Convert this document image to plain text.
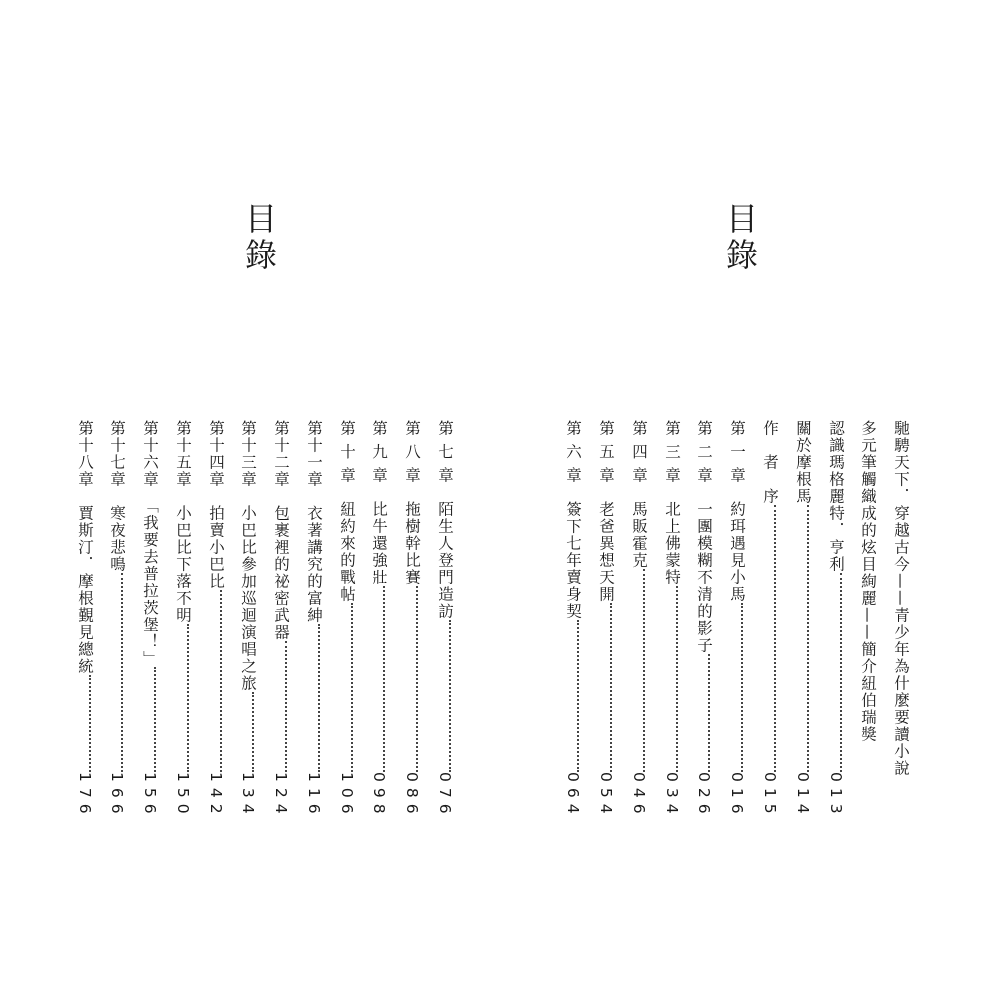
目錄
第 七 章　陌生人登門造訪
076
第 八 章　拖樹幹比賽
086
第 九 章　比牛還強壯
098
第 十 章　紐約來的戰帖
106
第十一章　衣著講究的富紳
116
第十二章　包裹裡的祕密武器
124
第十三章　小巴比參加巡迴演唱之旅
134
第十四章　拍賣小巴比
142
第十五章　小巴比下落不明
150
第十六章　「我要去普拉茨堡！」
156
第十七章　寒夜悲鳴
166
第十八章　賈斯汀．摩根覲見總統
176
目錄
馳騁天下．穿越古今——青少年為什麼要讀小說
多元筆觸織成的炫目絢麗——簡介紐伯瑞獎
認識瑪格麗特．亨利
013
關於摩根馬
014
作　者　序
015
第 一 章　約珥遇見小馬
016
第 二 章　一團模糊不清的影子
026
第 三 章　北上佛蒙特
034
第 四 章　馬販霍克
046
第 五 章　老爸異想天開
054
第 六 章　簽下七年賣身契
064
